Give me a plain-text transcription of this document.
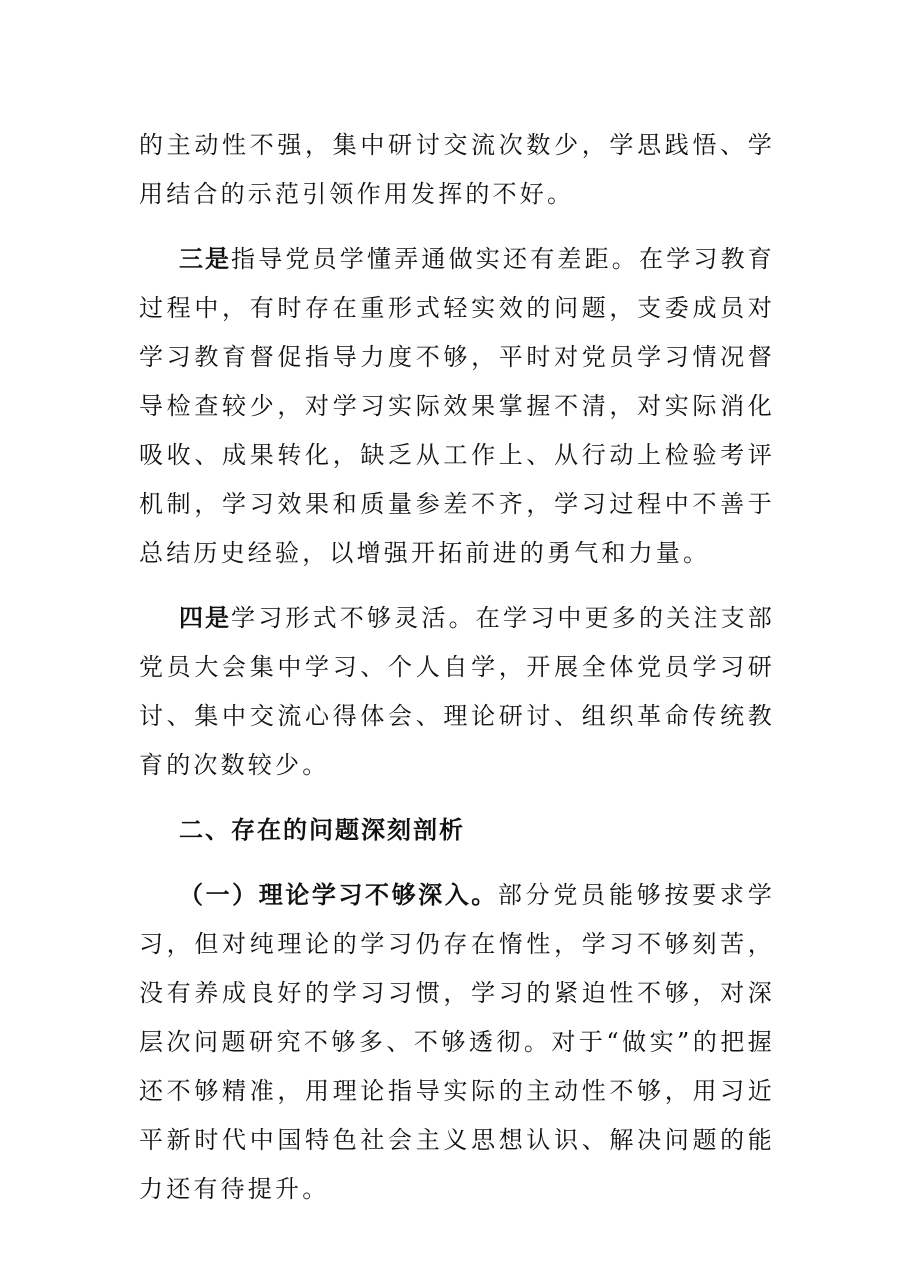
的主动性不强，集中研讨交流次数少，学思践悟、学用结合的示范引领作用发挥的不好。

三是指导党员学懂弄通做实还有差距。在学习教育过程中，有时存在重形式轻实效的问题，支委成员对学习教育督促指导力度不够，平时对党员学习情况督导检查较少，对学习实际效果掌握不清，对实际消化吸收、成果转化，缺乏从工作上、从行动上检验考评机制，学习效果和质量参差不齐，学习过程中不善于总结历史经验，以增强开拓前进的勇气和力量。

四是学习形式不够灵活。在学习中更多的关注支部党员大会集中学习、个人自学，开展全体党员学习研讨、集中交流心得体会、理论研讨、组织革命传统教育的次数较少。

二、存在的问题深刻剖析

（一）理论学习不够深入。部分党员能够按要求学习，但对纯理论的学习仍存在惰性，学习不够刻苦，没有养成良好的学习习惯，学习的紧迫性不够，对深层次问题研究不够多、不够透彻。对于“做实”的把握还不够精准，用理论指导实际的主动性不够，用习近平新时代中国特色社会主义思想认识、解决问题的能力还有待提升。
